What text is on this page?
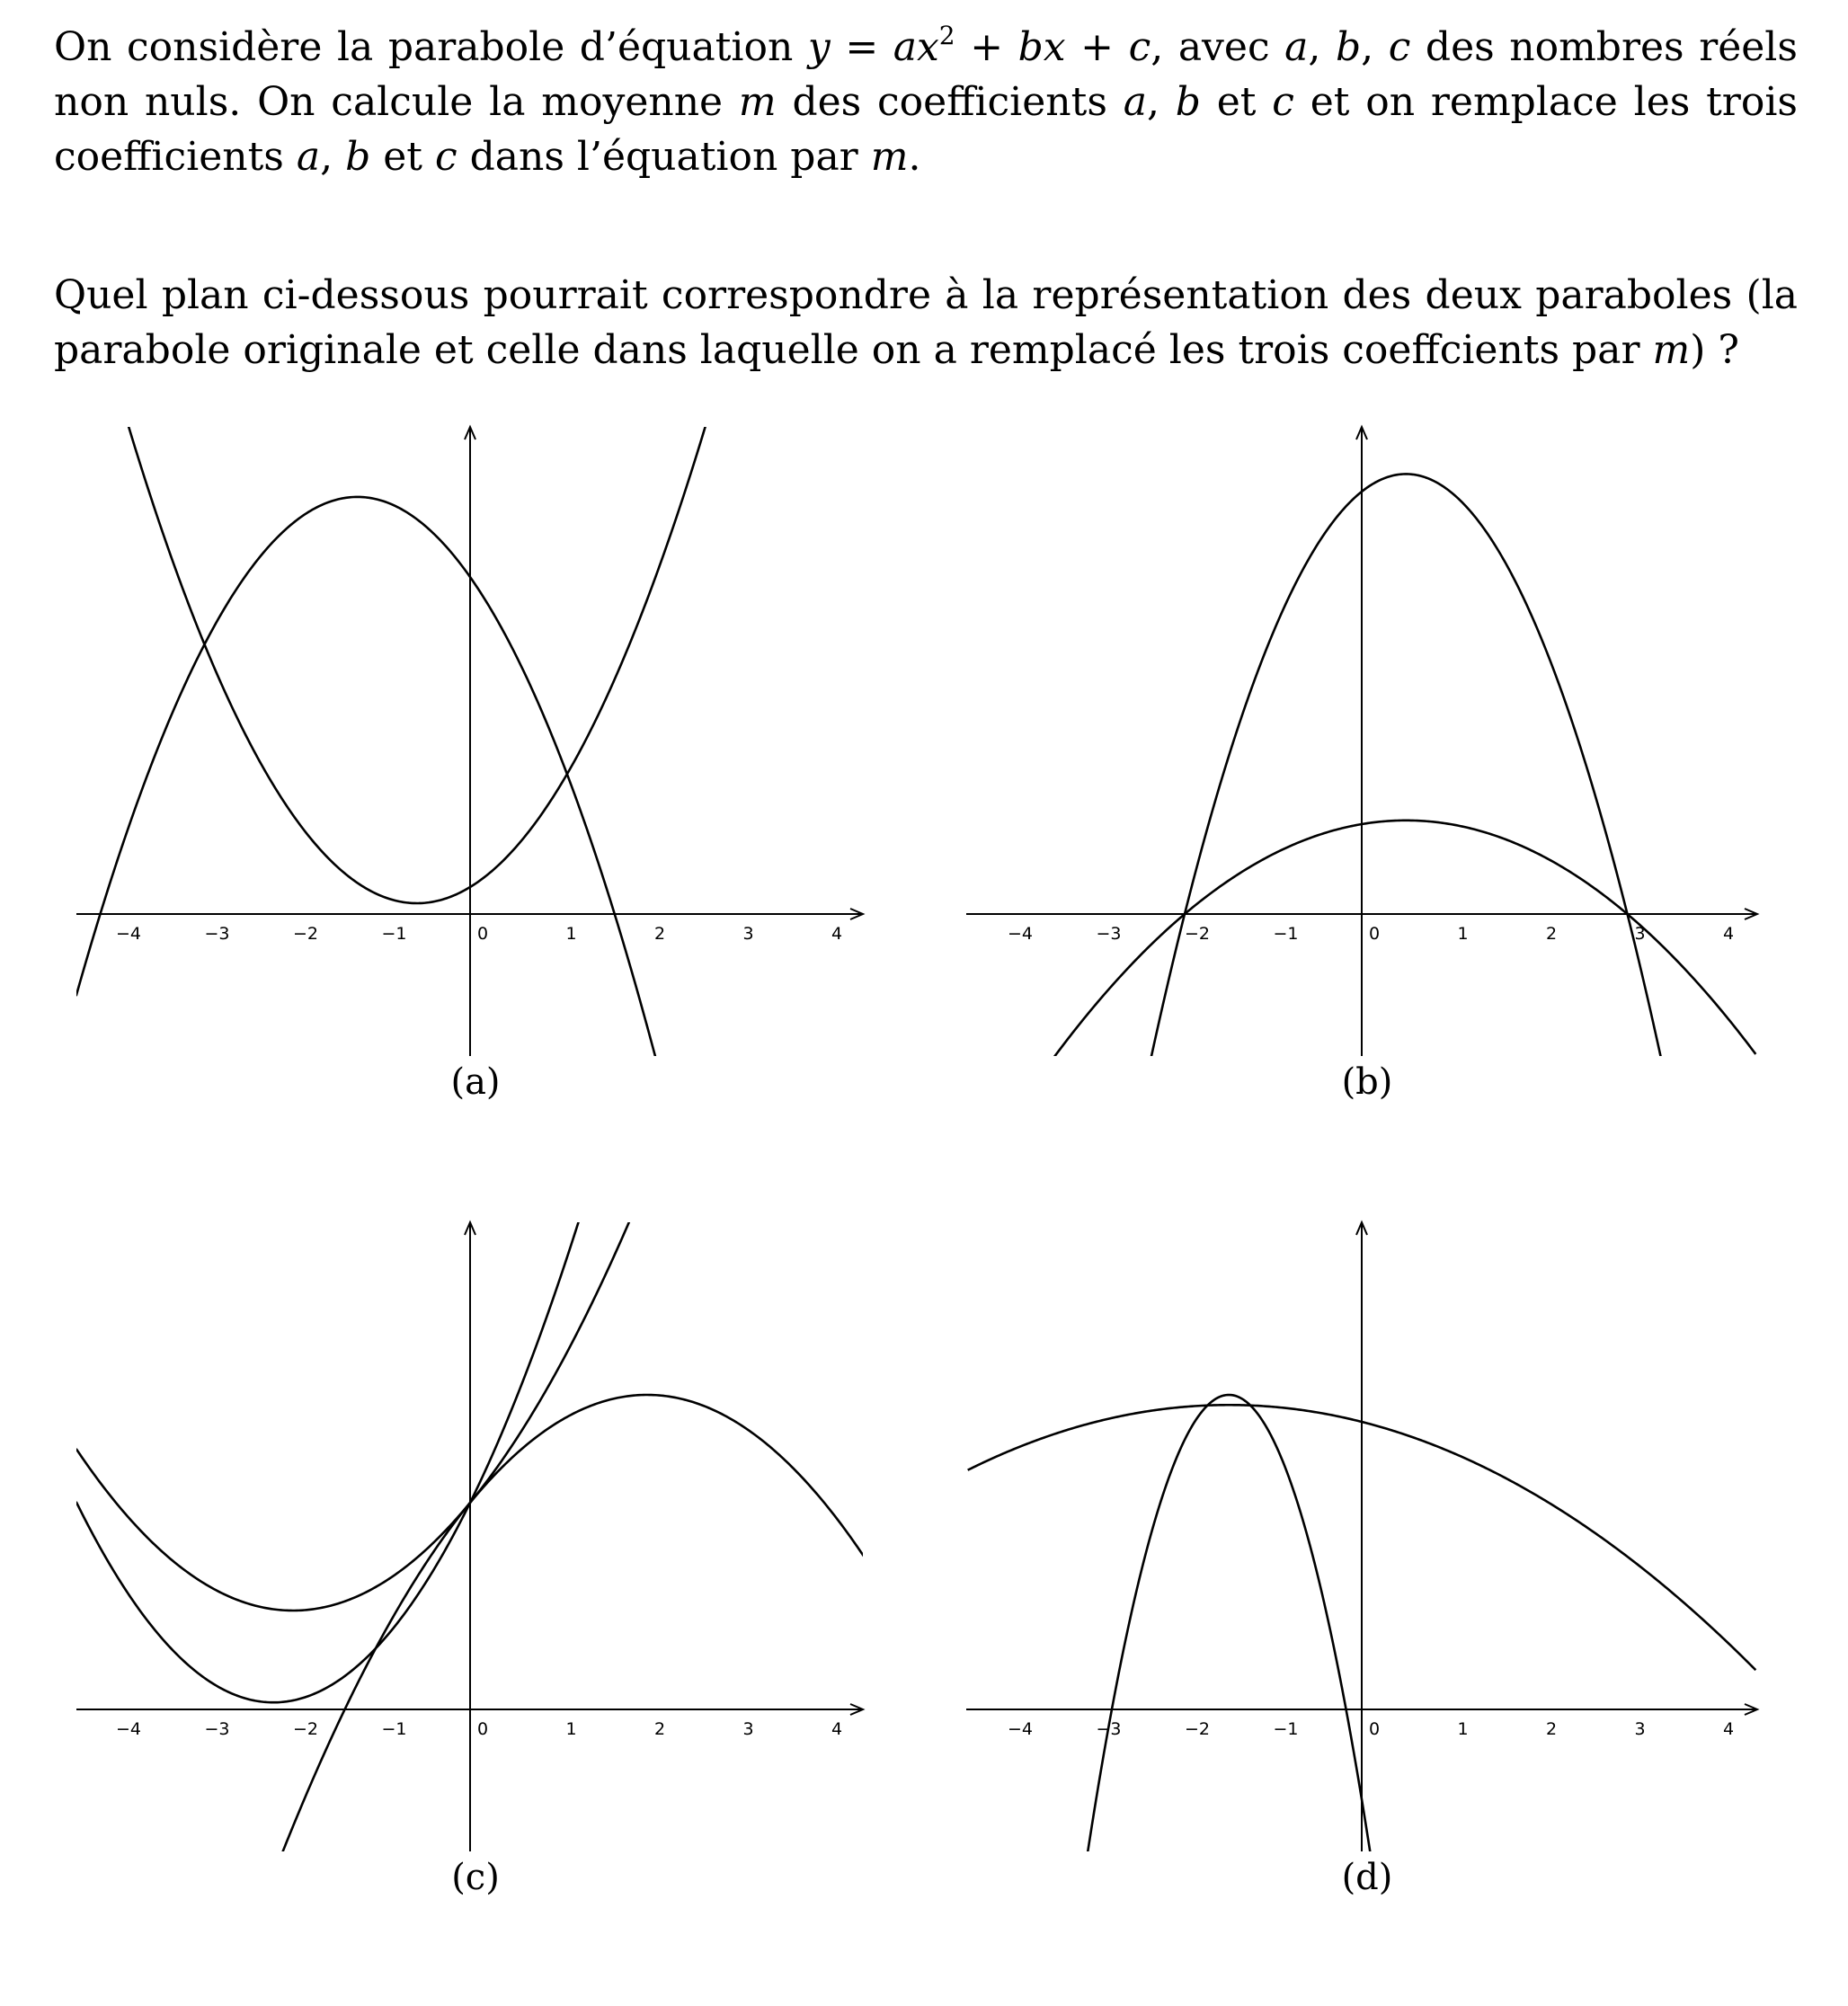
On considère la parabole d’équation $y = ax^2$ + bx + c, avec a, b, c des nombres réels non nuls. On calcule la moyenne m des coefficients a, b et c et on remplace les trois coefficients a, b et c dans l’équation par m.

Quel plan ci-dessous pourrait correspondre à la représentation des deux paraboles (la parabole originale et celle dans laquelle on a remplacé les trois coeffcients par m) ?

−4	−3	−2	−1	0	1	2	3	4
(a)
−4	−3	−2	−1	0	1	2	3	4
(b)
−4	−3	−2	−1	0	1	2	3	4
(c)
−4	−3	−2	−1	0	1	2	3	4
(d)
